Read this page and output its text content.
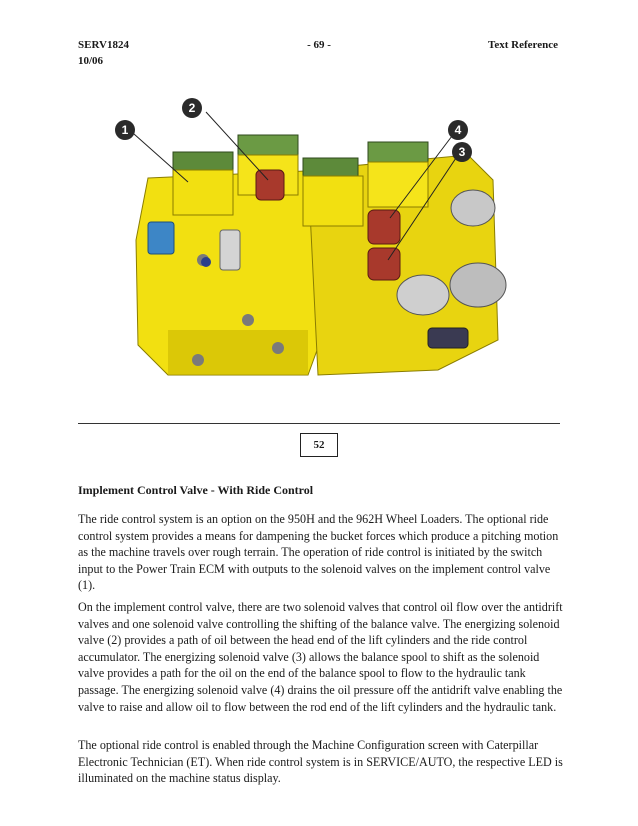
SERV1824
10/06
- 69 -	Text Reference
1
2
4
3
52
Implement Control Valve - With Ride Control
The ride control system is an option on the 950H and the 962H Wheel Loaders. The optional ride control system provides a means for dampening the bucket forces which produce a pitching motion as the machine travels over rough terrain. The operation of ride control is initiated by the switch input to the Power Train ECM with outputs to the solenoid valves on the implement control valve (1).
On the implement control valve, there are two solenoid valves that control oil flow over the antidrift valves and one solenoid valve controlling the shifting of the balance valve. The energizing solenoid valve (2) provides a path of oil between the head end of the lift cylinders and the ride control accumulator. The energizing solenoid valve (3) allows the balance spool to shift as the solenoid valve provides a path for the oil on the end of the balance spool to flow to the hydraulic tank passage. The energizing solenoid valve (4) drains the oil pressure off the antidrift valve enabling the valve to raise and allow oil to flow between the rod end of the lift cylinders and the hydraulic tank.
The optional ride control is enabled through the Machine Configuration screen with Caterpillar Electronic Technician (ET). When ride control system is in SERVICE/AUTO, the respective LED is illuminated on the machine status display.
